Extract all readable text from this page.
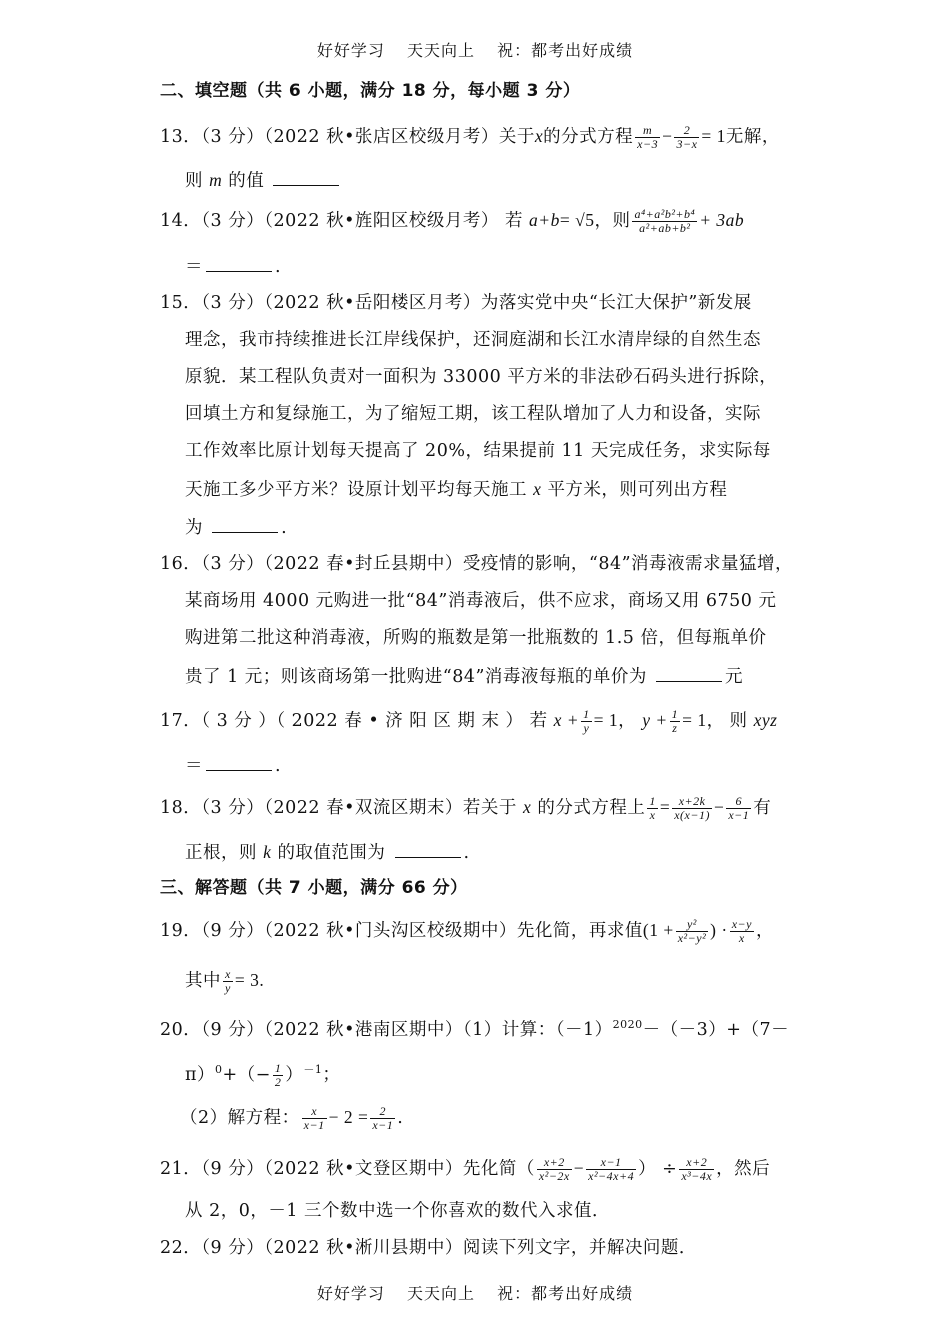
好好学习 天天向上 祝：都考出好成绩
二、填空题（共 6 小题，满分 18 分，每小题 3 分）
13．（3 分）（2022 秋•张店区校级月考）关于x的分式方程 $\frac{m}{x-3} - \frac{2}{3-x} = 1$无解，
则 m 的值
14．（3 分）（2022 秋•旌阳区校级月考） 若 a+b= √5，则 $\frac{\text{a⁴+a²b²+b⁴}}{\text{a²+ab+b²}} + 3ab$
＝	.
15．（3 分）（2022 秋•岳阳楼区月考）为落实党中央“长江大保护”新发展
理念，我市持续推进长江岸线保护，还洞庭湖和长江水清岸绿的自然生态
原貌．某工程队负责对一面积为 33000 平方米的非法砂石码头进行拆除，
回填土方和复绿施工，为了缩短工期，该工程队增加了人力和设备，实际
工作效率比原计划每天提高了 20%，结果提前 11 天完成任务，求实际每
天施工多少平方米？设原计划平均每天施工 x 平方米，则可列出方程
为	.
16．（3 分）（2022 春•封丘县期中）受疫情的影响，“84”消毒液需求量猛增，
某商场用 4000 元购进一批“84”消毒液后，供不应求，商场又用 6750 元
购进第二批这种消毒液，所购的瓶数是第一批瓶数的 1.5 倍，但每瓶单价
贵了 1 元；则该商场第一批购进“84”消毒液每瓶的单价为	元
17．（ 3 分 ）（ 2022 春 • 济 阳 区 期 末 ） 若 $x + \frac{1}{y} = 1$， $y + \frac{1}{z} = 1$， 则 xyz
＝	.
18．（3 分）（2022 春•双流区期末）若关于 x 的分式方程上 $\frac{1}{x} = \frac{x+2k}{x(x-1)} - \frac{6}{x-1}$ 有
正根，则 k 的取值范围为	.
三、解答题（共 7 小题，满分 66 分）
19．（9 分）（2022 秋•门头沟区校级期中）先化简，再求值($1 + \frac{\text{y²}}{\text{x²−y²}}$ ) · $\frac{x-y}{x}$ ，
其中 $\frac{x}{y} = 3$.
20．（9 分）（2022 秋•港南区期中）（1）计算：$(-1)^{2020}-(-3)+(7-$
$\pi)^0+(- \frac{1}{2} )^{-1}$；
（2）解方程： $\frac{x}{x-1} - 2 = \frac{2}{x-1}$ .
21．（9 分）（2022 秋•文登区期中）先化简（ $\frac{x+2}{\text{x²−2x}} - \frac{x-1}{\text{x²−4x+4}}$ ） ÷ $\frac{x+2}{\text{x³−4x}}$ ，然后
从 2，0，－1 三个数中选一个你喜欢的数代入求值．
22．（9 分）（2022 秋•淅川县期中）阅读下列文字，并解决问题．
好好学习 天天向上 祝：都考出好成绩
